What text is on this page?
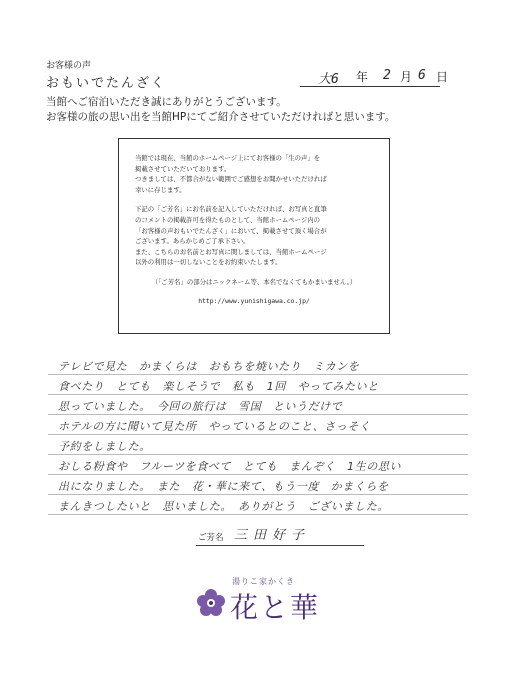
お客様の声
おもいでたんざく	大6 年 2 月 6 日
当館へご宿泊いただき誠にありがとうございます。
お客様の旅の思い出を当館HPにてご紹介させていただければと思います。

当館では現在、当館のホームページ上にてお客様の「生の声」を
掲載させていただいております。
つきましては、不都合がない範囲でご感想をお聞かせいただければ
幸いに存じます。

下記の「ご芳名」にお名前を記入していただければ、お写真と直筆
のコメントの掲載許可を得たものとして、当館ホームページ内の
「お客様の声おもいでたんざく」において、掲載させて頂く場合が
ございます。あらかじめご了承下さい。
また、こちらのお名前とお写真に関しましては、当館ホームページ
以外の利用は一切しないことをお約束いたします。

（「ご芳名」の部分はニックネーム等、本名でなくてもかまいません。）
http://www.yunishigawa.co.jp/
テレビで見た　かまくらは　おもちを焼いたり　ミカンを
食べたり　とても　楽しそうで　私も　1回　やってみたいと
思っていました。　今回の旅行は　雪国　というだけで
ホテルの方に聞いて見た所　やっているとのこと、さっそく
予約をしました。
おしる粉食や　フルーツを食べて　とても　まんぞく　1生の思い
出になりました。　また　花・華に来て、もう一度　かまくらを
まんきつしたいと　思いました。　ありがとう　ございました。
ご芳名 三田好子
湯りこ家かくき
花と華
